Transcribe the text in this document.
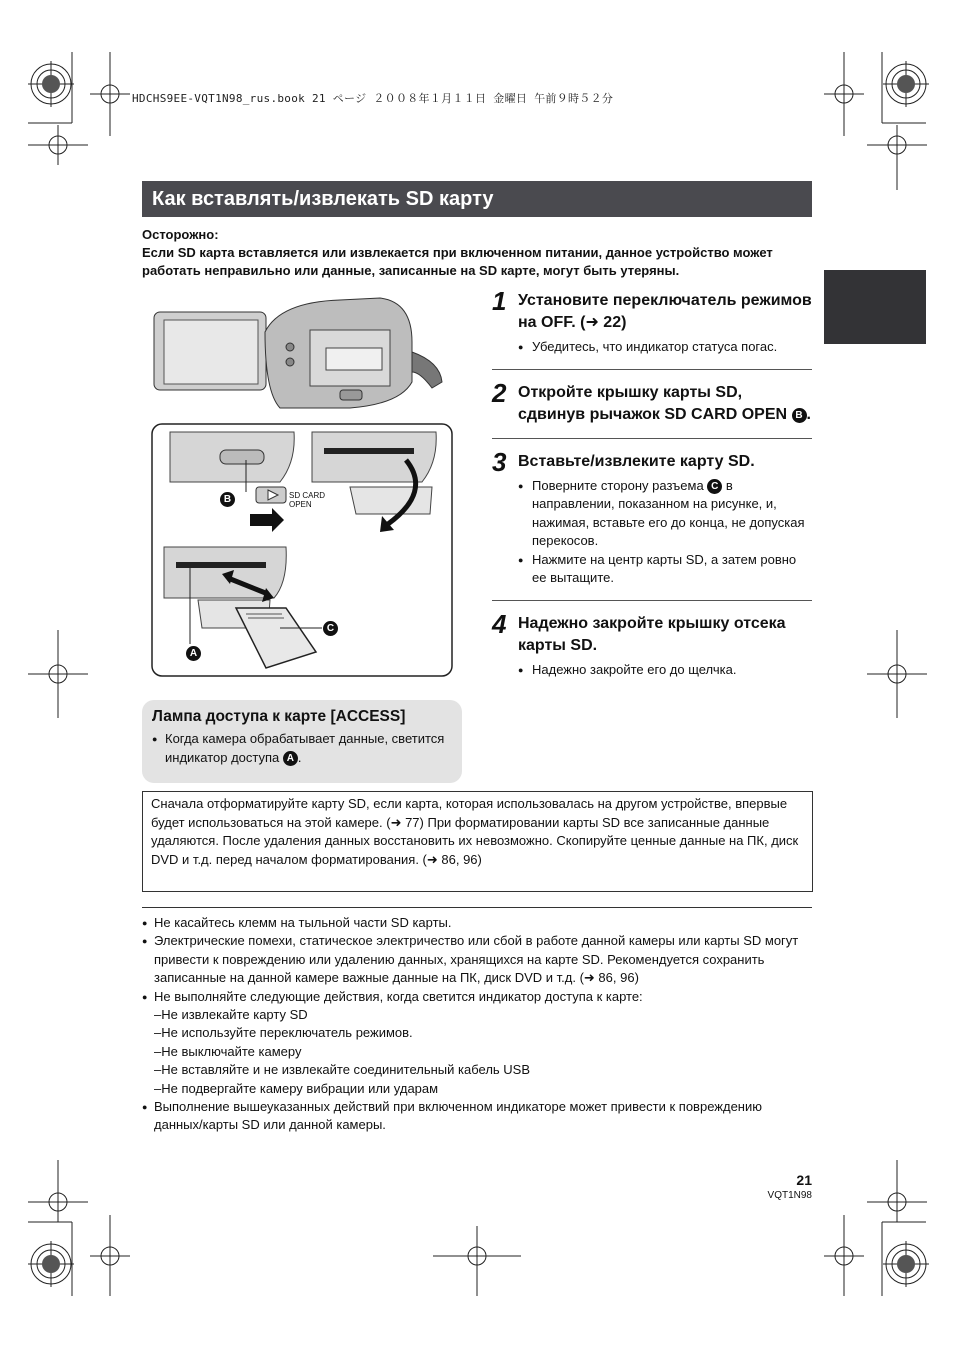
HDCHS9EE-VQT1N98_rus.book 21 ページ ２００８年１月１１日 金曜日 午前９時５２分
Как вставлять/извлекать SD карту

Осторожно:

Если SD карта вставляется или извлекается при включенном питании, данное устройство может работать неправильно или данные, записанные на SD карте, могут быть утеряны.

B
A
C
SD CARD
OPEN
1 Установите переключатель режимов на OFF. (➜ 22)
● Убедитесь, что индикатор статуса погас.
2 Откройте крышку карты SD, сдвинув рычажок SD CARD OPEN B .
3 Вставьте/извлеките карту SD.
● Поверните сторону разъема C в направлении, показанном на рисунке, и, нажимая, вставьте его до конца, не допуская перекосов.
● Нажмите на центр карты SD, а затем ровно ее вытащите.
4 Надежно закройте крышку отсека карты SD.
● Надежно закройте его до щелчка.
Лампа доступа к карте [ACCESS]
● Когда камера обрабатывает данные, светится индикатор доступа A .
Сначала отформатируйте карту SD, если карта, которая использовалась на другом устройстве, впервые будет использоваться на этой камере. (➜ 77) При форматировании карты SD все записанные данные удаляются. После удаления данных восстановить их невозможно. Скопируйте ценные данные на ПК, диск DVD и т.д. перед началом форматирования. (➜ 86, 96)
● Не касайтесь клемм на тыльной части SD карты.
● Электрические помехи, статическое электричество или сбой в работе данной камеры или карты SD могут привести к повреждению или удалению данных, хранящихся на карте SD. Рекомендуется сохранить записанные на данной камере важные данные на ПК, диск DVD и т.д. (➜ 86, 96)
● Не выполняйте следующие действия, когда светится индикатор доступа к карте:
–Не извлекайте карту SD
–Не используйте переключатель режимов.
–Не выключайте камеру
–Не вставляйте и не извлекайте соединительный кабель USB
–Не подвергайте камеру вибрации или ударам
● Выполнение вышеуказанных действий при включенном индикаторе может привести к повреждению данных/карты SD или данной камеры.
21
VQT1N98
